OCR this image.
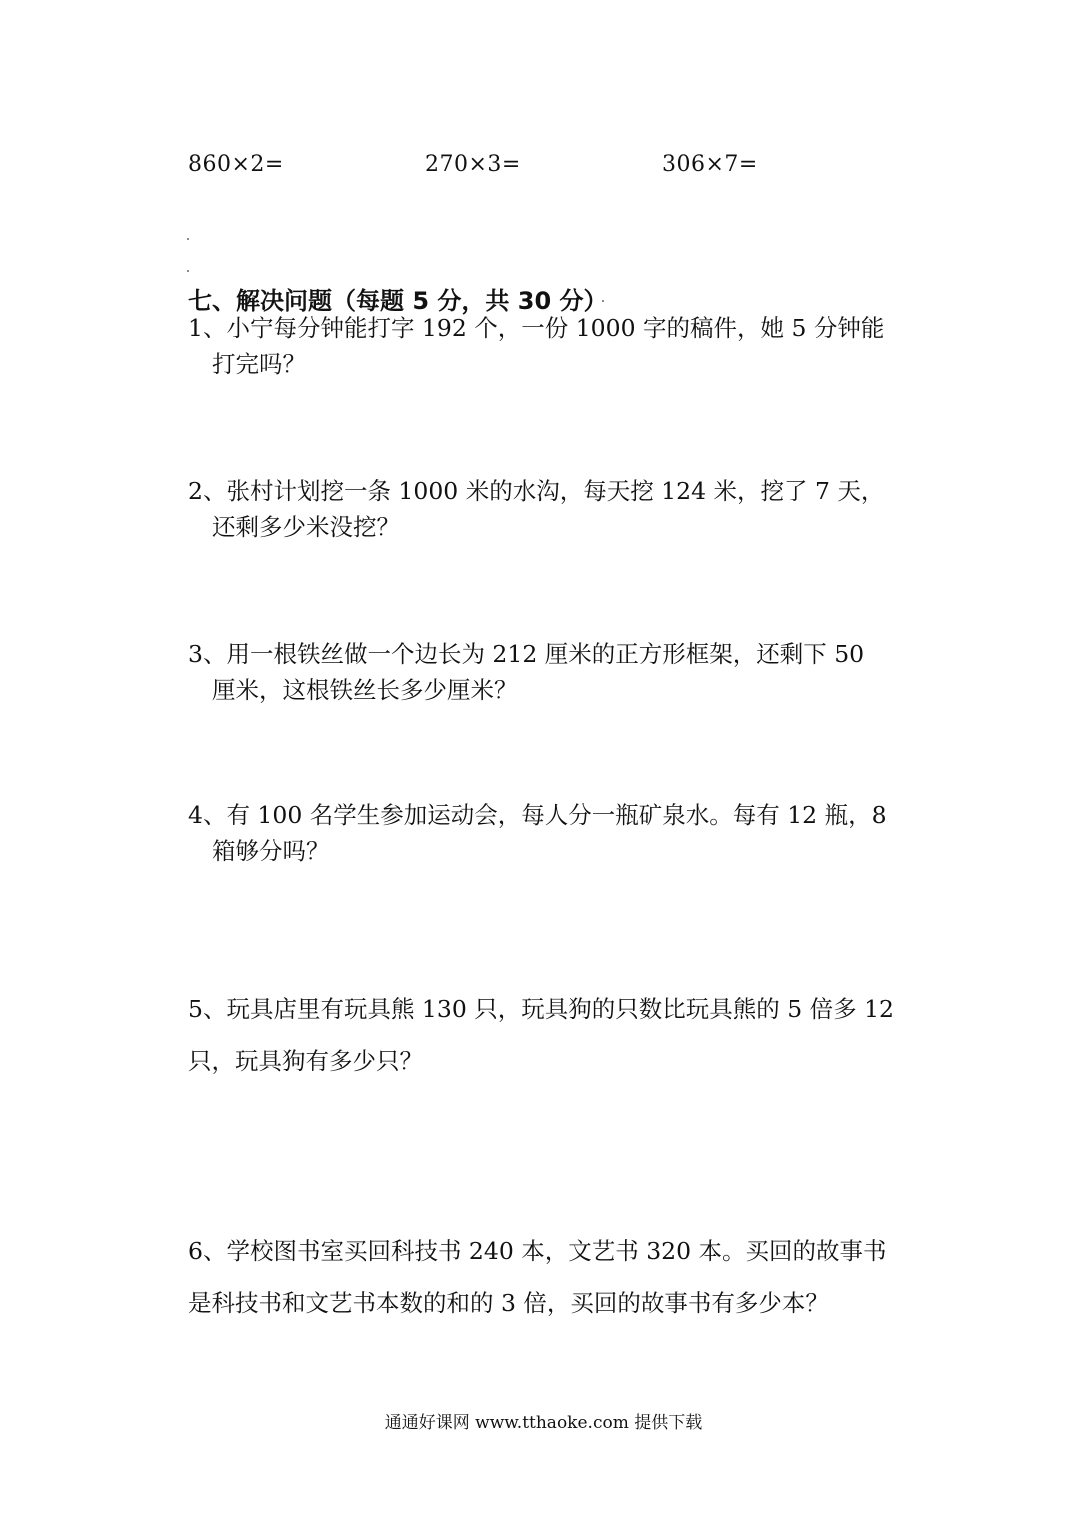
860×2=	270×3=	306×7=
七、解决问题（每题 5 分，共 30 分）
1、小宁每分钟能打字 192 个，一份 1000 字的稿件，她 5 分钟能
打完吗？
2、张村计划挖一条 1000 米的水沟，每天挖 124 米，挖了 7 天，
还剩多少米没挖？
3、用一根铁丝做一个边长为 212 厘米的正方形框架，还剩下 50
厘米，这根铁丝长多少厘米？
4、有 100 名学生参加运动会，每人分一瓶矿泉水。每有 12 瓶，8
箱够分吗？
5、玩具店里有玩具熊 130 只，玩具狗的只数比玩具熊的 5 倍多 12
只，玩具狗有多少只？
6、学校图书室买回科技书 240 本，文艺书 320 本。买回的故事书
是科技书和文艺书本数的和的 3 倍，买回的故事书有多少本？
通通好课网 www.tthaoke.com 提供下载
